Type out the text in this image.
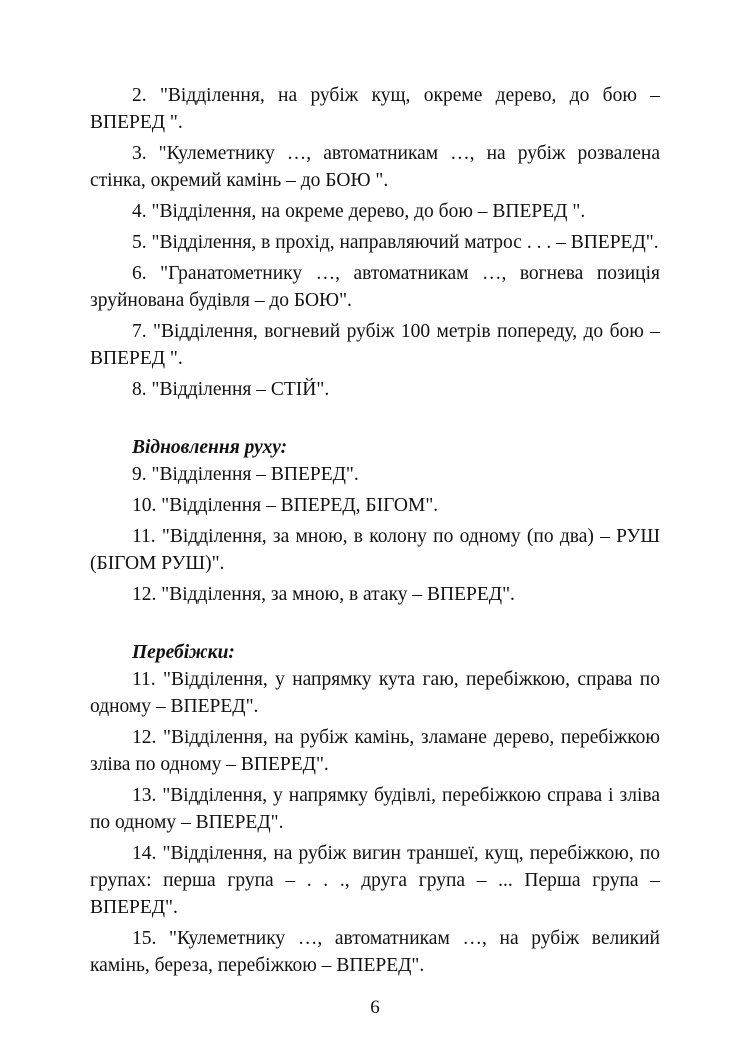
2. "Відділення, на рубіж кущ, окреме дерево, до бою – ВПЕРЕД ".

3. "Кулеметнику …, автоматникам …, на рубіж розвалена стінка, окремий камінь – до БОЮ ".

4. "Відділення, на окреме дерево, до бою – ВПЕРЕД ".

5. "Відділення, в прохід, направляючий матрос . . . – ВПЕРЕД".

6. "Гранатометнику …, автоматникам …, вогнева позиція зруйнована будівля – до БОЮ".

7. "Відділення, вогневий рубіж 100 метрів попереду, до бою – ВПЕРЕД ".

8. "Відділення – СТІЙ".

Відновлення руху:

9. "Відділення – ВПЕРЕД".

10. "Відділення – ВПЕРЕД, БІГОМ".

11. "Відділення, за мною, в колону по одному (по два) – РУШ (БІГОМ РУШ)".

12. "Відділення, за мною, в атаку – ВПЕРЕД".

Перебіжки:

11. "Відділення, у напрямку кута гаю, перебіжкою, справа по одному – ВПЕРЕД".

12. "Відділення, на рубіж камінь, зламане дерево, перебіжкою зліва по одному – ВПЕРЕД".

13. "Відділення, у напрямку будівлі, перебіжкою справа і зліва по одному – ВПЕРЕД".

14. "Відділення, на рубіж вигин траншеї, кущ, перебіжкою, по групах: перша група – . . ., друга група – ... Перша група – ВПЕРЕД".

15. "Кулеметнику …, автоматникам …, на рубіж великий камінь, береза, перебіжкою – ВПЕРЕД".

6
